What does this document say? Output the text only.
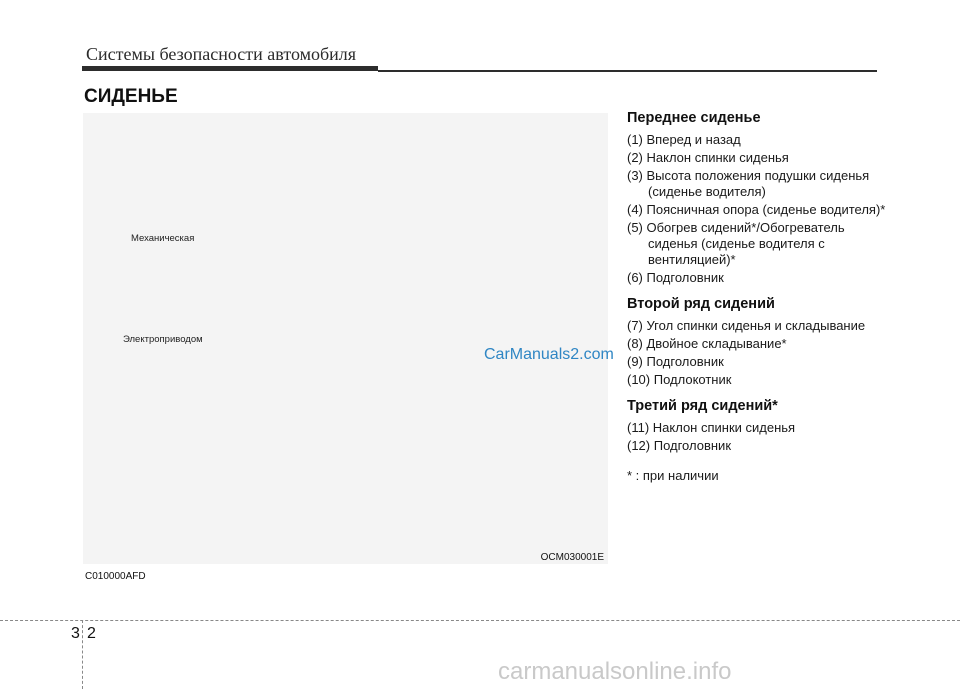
Системы безопасности автомобиля
СИДЕНЬЕ
Механическая
Электроприводом
OCM030001E
CarManuals2.com
C010000AFD
Переднее сиденье
(1) Вперед и назад
(2) Наклон спинки сиденья
(3) Высота положения подушки сиденья (сиденье водителя)
(4) Поясничная опора (сиденье водителя)*
(5) Обогрев сидений*/Обогреватель сиденья (сиденье водителя с вентиляцией)*
(6) Подголовник
Второй ряд сидений
(7) Угол спинки сиденья и складывание
(8) Двойное складывание*
(9) Подголовник
(10) Подлокотник
Третий ряд сидений*
(11) Наклон спинки сиденья
(12) Подголовник
* : при наличии
3 2
carmanualsonline.info
